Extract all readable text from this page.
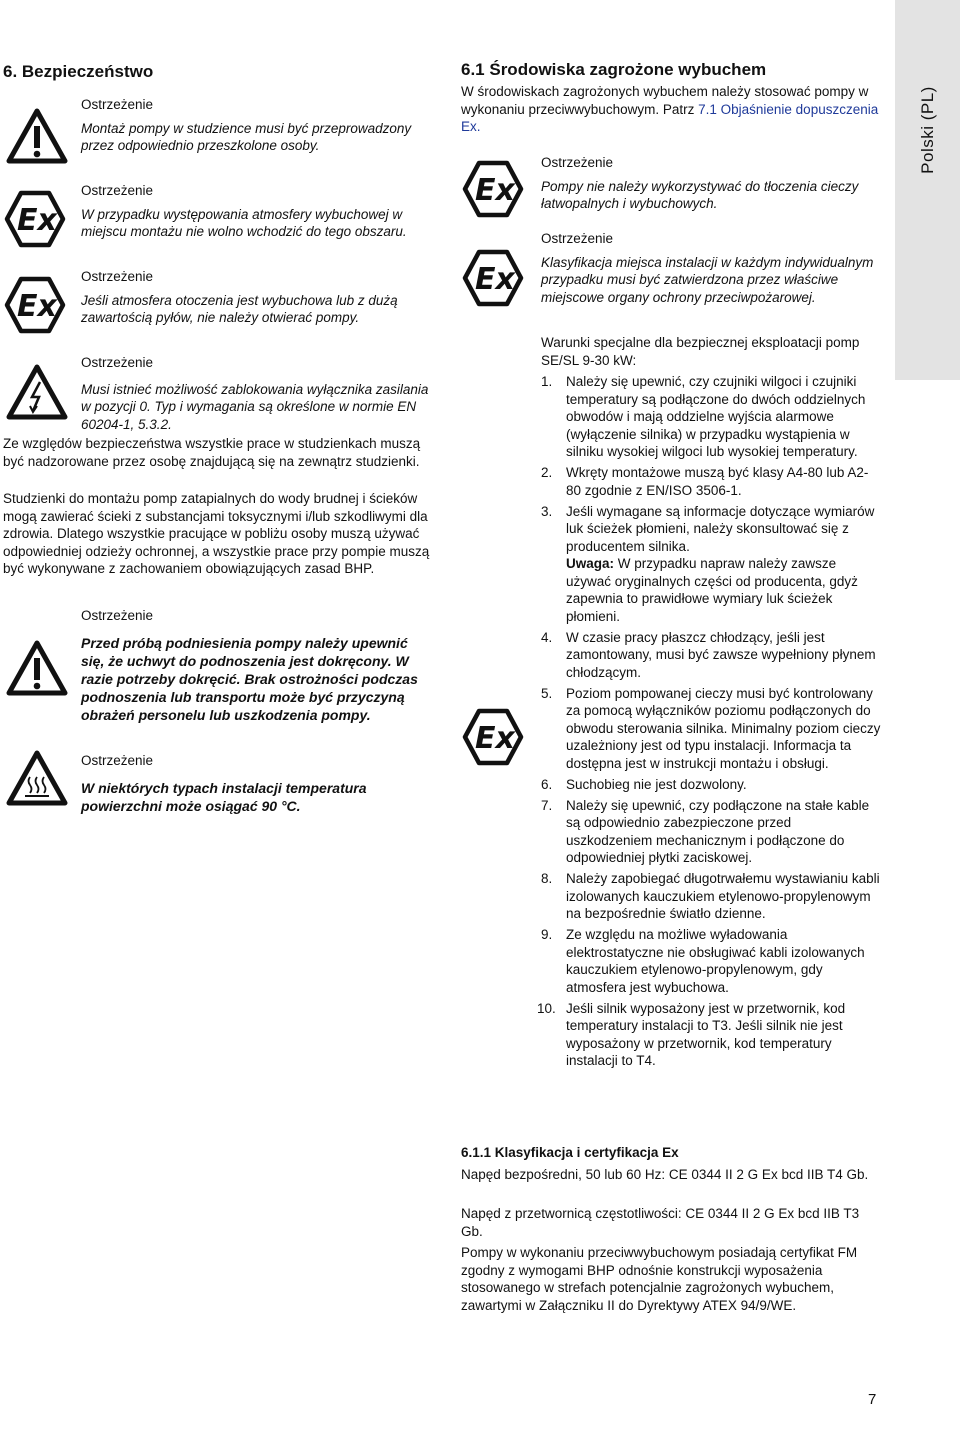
Polski (PL)
6. Bezpieczeństwo

Ostrzeżenie

Montaż pompy w studzience musi być przeprowadzony przez odpowiednio przeszkolone osoby.

Ex

Ostrzeżenie

W przypadku występowania atmosfery wybuchowej w miejscu montażu nie wolno wchodzić do tego obszaru.

Ex

Ostrzeżenie

Jeśli atmosfera otoczenia jest wybuchowa lub z dużą zawartością pyłów, nie należy otwierać pompy.

Ostrzeżenie

Musi istnieć możliwość zablokowania wyłącznika zasilania w pozycji 0. Typ i wymagania są określone w normie EN 60204-1, 5.3.2.

Ze względów bezpieczeństwa wszystkie prace w studzienkach muszą być nadzorowane przez osobę znajdującą się na zewnątrz studzienki.

Studzienki do montażu pomp zatapialnych do wody brudnej i ścieków mogą zawierać ścieki z substancjami toksycznymi i/lub szkodliwymi dla zdrowia. Dlatego wszystkie pracujące w pobliżu osoby muszą używać odpowiedniej odzieży ochronnej, a wszystkie prace przy pompie muszą być wykonywane z zachowaniem obowiązujących zasad BHP.

Ostrzeżenie

Przed próbą podniesienia pompy należy upewnić się, że uchwyt do podnoszenia jest dokręcony. W razie potrzeby dokręcić. Brak ostrożności podczas podnoszenia lub transportu może być przyczyną obrażeń personelu lub uszkodzenia pompy.

Ostrzeżenie

W niektórych typach instalacji temperatura powierzchni może osiągać 90 °C.

6.1 Środowiska zagrożone wybuchem

W środowiskach zagrożonych wybuchem należy stosować pompy w wykonaniu przeciwwybuchowym. Patrz 7.1 Objaśnienie dopuszczenia Ex.

Ex

Ostrzeżenie

Pompy nie należy wykorzystywać do tłoczenia cieczy łatwopalnych i wybuchowych.

Ex

Ostrzeżenie

Klasyfikacja miejsca instalacji w każdym indywidualnym przypadku musi być zatwierdzona przez właściwe miejscowe organy ochrony przeciwpożarowej.

Ex

Warunki specjalne dla bezpiecznej eksploatacji pomp SE/SL 9-30 kW:

1. Należy się upewnić, czy czujniki wilgoci i czujniki temperatury są podłączone do dwóch oddzielnych obwodów i mają oddzielne wyjścia alarmowe (wyłączenie silnika) w przypadku wystąpienia w silniku wysokiej wilgoci lub wysokiej temperatury.
2. Wkręty montażowe muszą być klasy A4-80 lub A2-80 zgodnie z EN/ISO 3506-1.
3. Jeśli wymagane są informacje dotyczące wymiarów luk ścieżek płomieni, należy skonsultować się z producentem silnika.
Uwaga: W przypadku napraw należy zawsze używać oryginalnych części od producenta, gdyż zapewnia to prawidłowe wymiary luk ścieżek płomieni.
4. W czasie pracy płaszcz chłodzący, jeśli jest zamontowany, musi być zawsze wypełniony płynem chłodzącym.
5. Poziom pompowanej cieczy musi być kontrolowany za pomocą wyłączników poziomu podłączonych do obwodu sterowania silnika. Minimalny poziom cieczy uzależniony jest od typu instalacji. Informacja ta dostępna jest w instrukcji montażu i obsługi.
6. Suchobieg nie jest dozwolony.
7. Należy się upewnić, czy podłączone na stałe kable są odpowiednio zabezpieczone przed uszkodzeniem mechanicznym i podłączone do odpowiedniej płytki zaciskowej.
8. Należy zapobiegać długotrwałemu wystawianiu kabli izolowanych kauczukiem etylenowo-propylenowym na bezpośrednie światło dzienne.
9. Ze względu na możliwe wyładowania elektrostatyczne nie obsługiwać kabli izolowanych kauczukiem etylenowo-propylenowym, gdy atmosfera jest wybuchowa.
10. Jeśli silnik wyposażony jest w przetwornik, kod temperatury instalacji to T3. Jeśli silnik nie jest wyposażony w przetwornik, kod temperatury instalacji to T4.
6.1.1 Klasyfikacja i certyfikacja Ex

Napęd bezpośredni, 50 lub 60 Hz: CE 0344 II 2 G Ex bcd IIB T4 Gb.

Napęd z przetwornicą częstotliwości: CE 0344 II 2 G Ex bcd IIB T3 Gb.

Pompy w wykonaniu przeciwwybuchowym posiadają certyfikat FM zgodny z wymogami BHP odnośnie konstrukcji wyposażenia stosowanego w strefach potencjalnie zagrożonych wybuchem, zawartymi w Załączniku II do Dyrektywy ATEX 94/9/WE.

7
